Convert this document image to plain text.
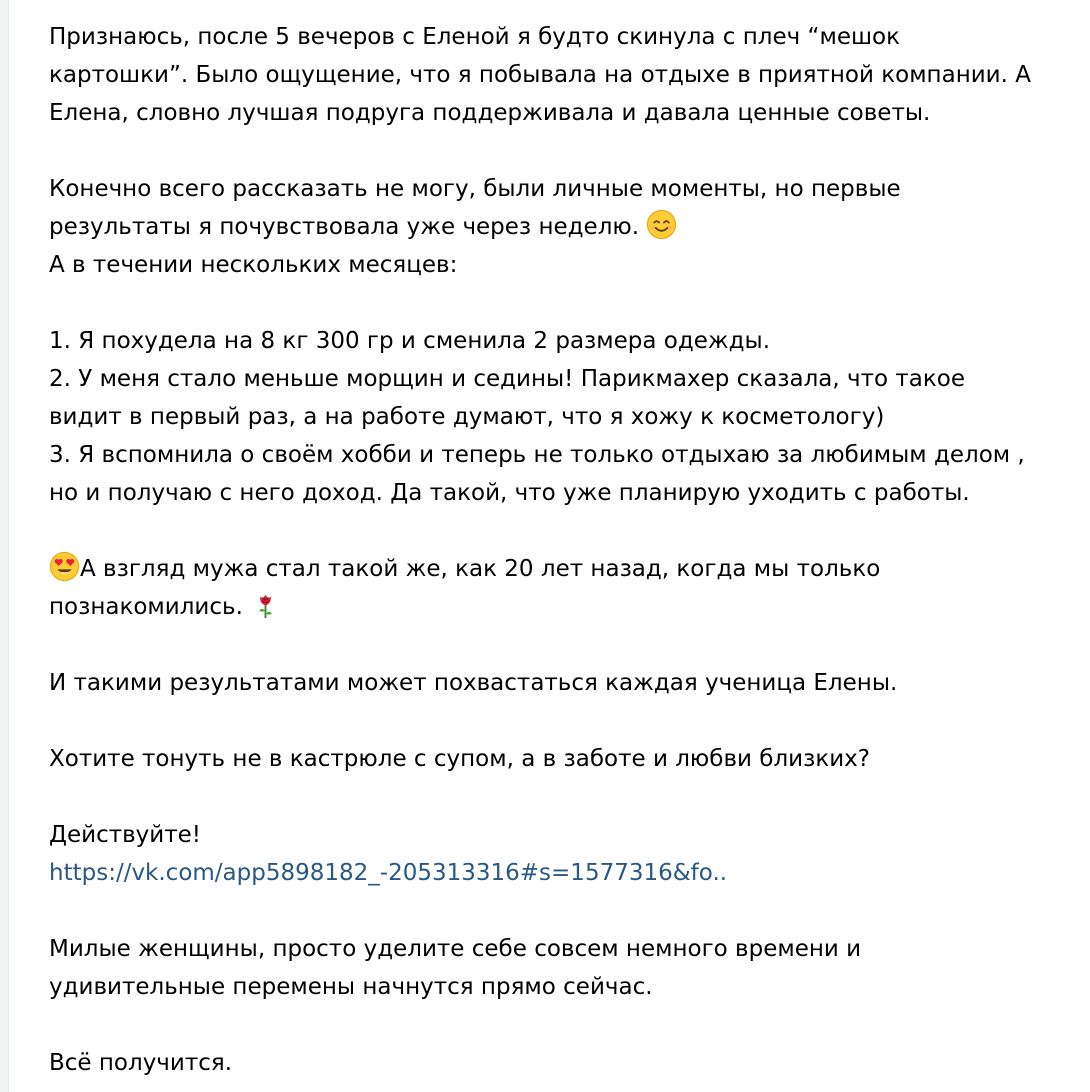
Признаюсь, после 5 вечеров с Еленой я будто скинула с плеч “мешок
картошки”. Было ощущение, что я побывала на отдыхе в приятной компании. А
Елена, словно лучшая подруга поддерживала и давала ценные советы.

Конечно всего рассказать не могу, были личные моменты, но первые
результаты я почувствовала уже через неделю.
А в течении нескольких месяцев:

1. Я похудела на 8 кг 300 гр и сменила 2 размера одежды.
2. У меня стало меньше морщин и седины! Парикмахер сказала, что такое
видит в первый раз, а на работе думают, что я хожу к косметологу)
3. Я вспомнила о своём хобби и теперь не только отдыхаю за любимым делом ,
но и получаю с него доход. Да такой, что уже планирую уходить с работы.

А взгляд мужа стал такой же, как 20 лет назад, когда мы только
познакомились.

И такими результатами может похвастаться каждая ученица Елены.

Хотите тонуть не в кастрюле с супом, а в заботе и любви близких?

Действуйте!
https://vk.com/app5898182_-205313316#s=1577316&fo..

Милые женщины, просто уделите себе совсем немного времени и
удивительные перемены начнутся прямо сейчас.

Всё получится.
